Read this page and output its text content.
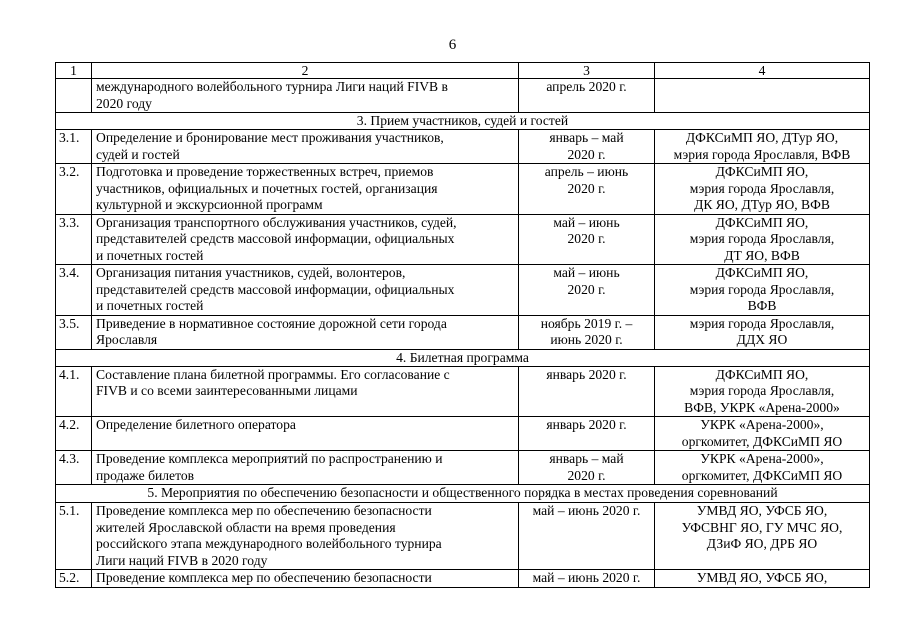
6
1	2	3	4

	международного волейбольного турнира Лиги наций FIVB в
2020 году	апрель 2020 г.	

3. Прием участников, судей и гостей			

3.1.	Определение и бронирование мест проживания участников,
судей и гостей	январь – май
2020 г.	ДФКСиМП ЯО, ДТур ЯО,
мэрия города Ярославля, ВФВ

3.2.	Подготовка и проведение торжественных встреч, приемов
участников, официальных и почетных гостей, организация
культурной и экскурсионной программ	апрель – июнь
2020 г.	ДФКСиМП ЯО,
мэрия города Ярославля,
ДК ЯО, ДТур ЯО, ВФВ

3.3.	Организация транспортного обслуживания участников, судей,
представителей средств массовой информации, официальных
и почетных гостей	май – июнь
2020 г.	ДФКСиМП ЯО,
мэрия города Ярославля,
ДТ ЯО, ВФВ

3.4.	Организация питания участников, судей, волонтеров,
представителей средств массовой информации, официальных
и почетных гостей	май – июнь
2020 г.	ДФКСиМП ЯО,
мэрия города Ярославля,
ВФВ

3.5.	Приведение в нормативное состояние дорожной сети города
Ярославля	ноябрь 2019 г. –
июнь 2020 г.	мэрия города Ярославля,
ДДХ ЯО

4. Билетная программа			

4.1.	Составление плана билетной программы. Его согласование с
FIVB и со всеми заинтересованными лицами	январь 2020 г.	ДФКСиМП ЯО,
мэрия города Ярославля,
ВФВ, УКРК «Арена-2000»

4.2.	Определение билетного оператора	январь 2020 г.	УКРК «Арена-2000»,
оргкомитет, ДФКСиМП ЯО

4.3.	Проведение комплекса мероприятий по распространению и
продаже билетов	январь – май
2020 г.	УКРК «Арена-2000»,
оргкомитет, ДФКСиМП ЯО

5. Мероприятия по обеспечению безопасности и общественного порядка в местах проведения соревнований			

5.1.	Проведение комплекса мер по обеспечению безопасности
жителей Ярославской области на время проведения
российского этапа международного волейбольного турнира
Лиги наций FIVB в 2020 году	май – июнь 2020 г.	УМВД ЯО, УФСБ ЯО,
УФСВНГ ЯО, ГУ МЧС ЯО,
ДЗиФ ЯО, ДРБ ЯО

5.2.	Проведение комплекса мер по обеспечению безопасности	май – июнь 2020 г.	УМВД ЯО, УФСБ ЯО,
